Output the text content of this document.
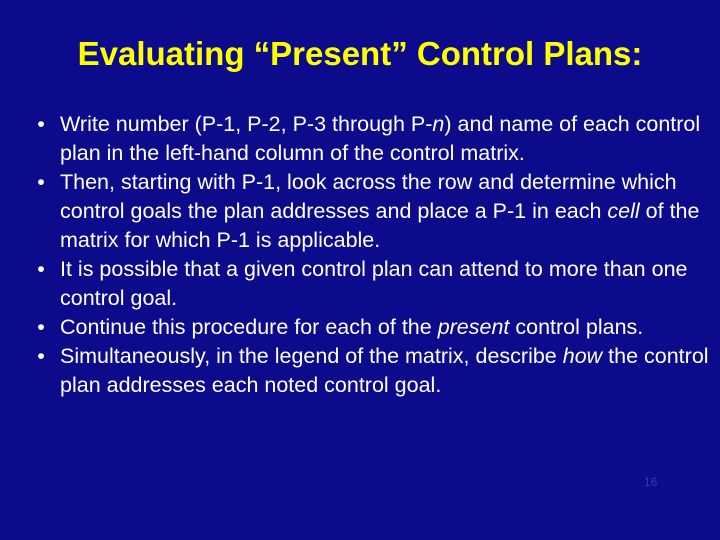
Evaluating “Present” Control Plans:
• Write number (P-1, P-2, P-3 through P-n) and name of each control plan in the left-hand column of the control matrix.
• Then, starting with P-1, look across the row and determine which control goals the plan addresses and place a P-1 in each cell of the matrix for which P-1 is applicable.
• It is possible that a given control plan can attend to more than one control goal.
• Continue this procedure for each of the present control plans.
• Simultaneously, in the legend of the matrix, describe how the control plan addresses each noted control goal.
16
